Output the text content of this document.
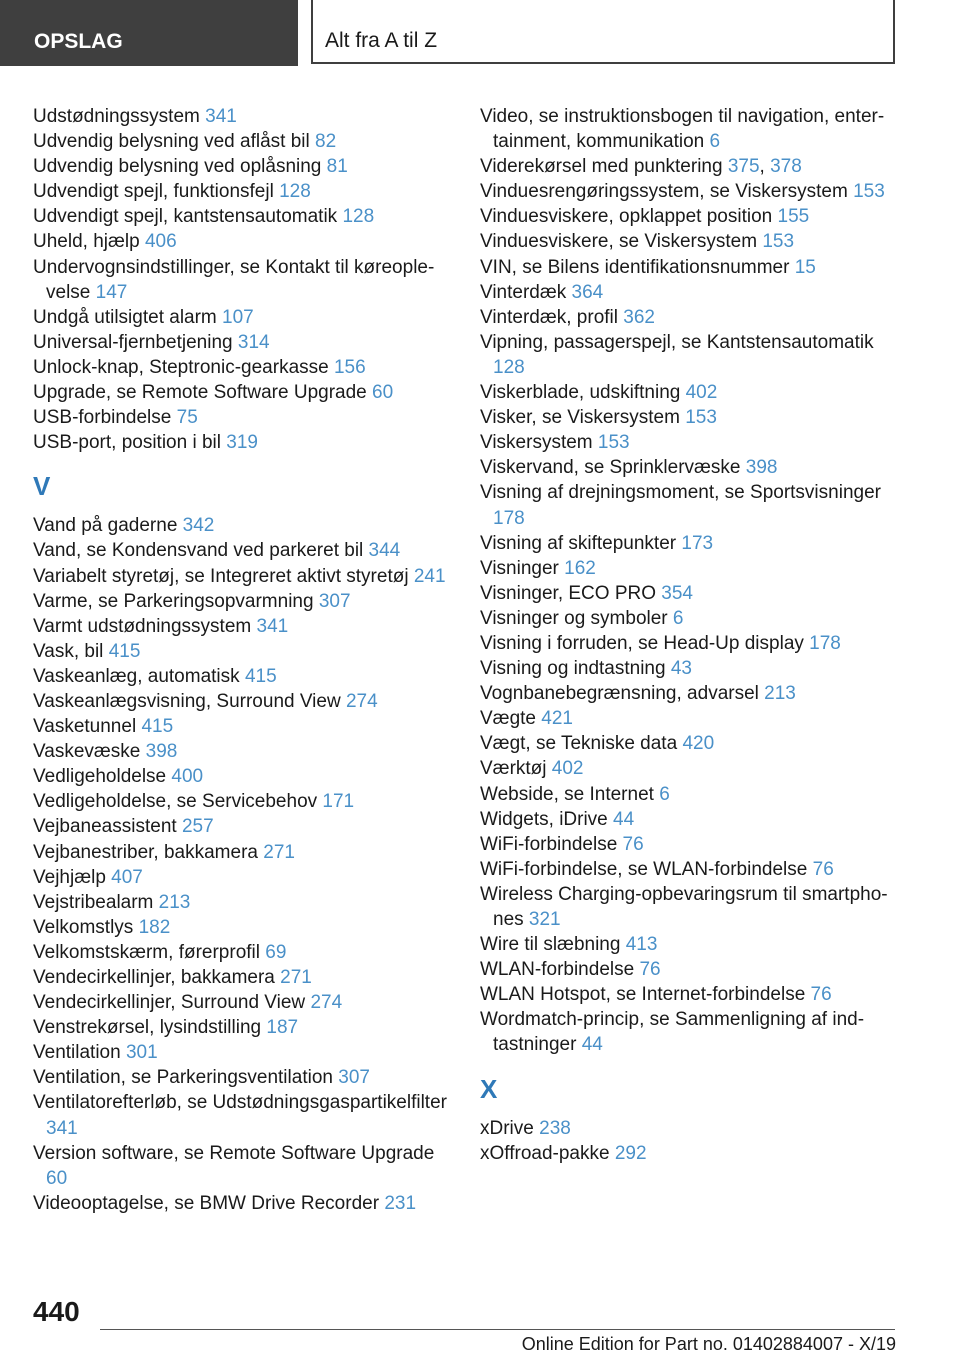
OPSLAG	Alt fra A til Z
Udstødningssystem 341
Udvendig belysning ved aflåst bil 82
Udvendig belysning ved oplåsning 81
Udvendigt spejl, funktionsfejl 128
Udvendigt spejl, kantstensautomatik 128
Uheld, hjælp 406
Undervognsindstillinger, se Kontakt til køreoplevelse 147
Undgå utilsigtet alarm 107
Universal-fjernbetjening 314
Unlock-knap, Steptronic-gearkasse 156
Upgrade, se Remote Software Upgrade 60
USB-forbindelse 75
USB-port, position i bil 319
V
Vand på gaderne 342
Vand, se Kondensvand ved parkeret bil 344
Variabelt styretøj, se Integreret aktivt styretøj 241
Varme, se Parkeringsopvarmning 307
Varmt udstødningssystem 341
Vask, bil 415
Vaskeanlæg, automatisk 415
Vaskeanlægsvisning, Surround View 274
Vasketunnel 415
Vaskevæske 398
Vedligeholdelse 400
Vedligeholdelse, se Servicebehov 171
Vejbaneassistent 257
Vejbanestriber, bakkamera 271
Vejhjælp 407
Vejstribealarm 213
Velkomstlys 182
Velkomstskærm, førerprofil 69
Vendecirkellinjer, bakkamera 271
Vendecirkellinjer, Surround View 274
Venstrekørsel, lysindstilling 187
Ventilation 301
Ventilation, se Parkeringsventilation 307
Ventilatorefterløb, se Udstødningsgaspartikelfilter 341
Version software, se Remote Software Upgrade 60
Videooptagelse, se BMW Drive Recorder 231
Video, se instruktionsbogen til navigation, entertainment, kommunikation 6
Viderekørsel med punktering 375, 378
Vinduesrengøringssystem, se Viskersystem 153
Vinduesviskere, opklappet position 155
Vinduesviskere, se Viskersystem 153
VIN, se Bilens identifikationsnummer 15
Vinterdæk 364
Vinterdæk, profil 362
Vipning, passagerspejl, se Kantstensautomatik 128
Viskerblade, udskiftning 402
Visker, se Viskersystem 153
Viskersystem 153
Viskervand, se Sprinklervæske 398
Visning af drejningsmoment, se Sportsvisninger 178
Visning af skiftepunkter 173
Visninger 162
Visninger, ECO PRO 354
Visninger og symboler 6
Visning i forruden, se Head-Up display 178
Visning og indtastning 43
Vognbanebegrænsning, advarsel 213
Vægte 421
Vægt, se Tekniske data 420
Værktøj 402
Webside, se Internet 6
Widgets, iDrive 44
WiFi-forbindelse 76
WiFi-forbindelse, se WLAN-forbindelse 76
Wireless Charging-opbevaringsrum til smartphones 321
Wire til slæbning 413
WLAN-forbindelse 76
WLAN Hotspot, se Internet-forbindelse 76
Wordmatch-princip, se Sammenligning af indtastninger 44
X
xDrive 238
xOffroad-pakke 292
440
Online Edition for Part no. 01402884007 - X/19
